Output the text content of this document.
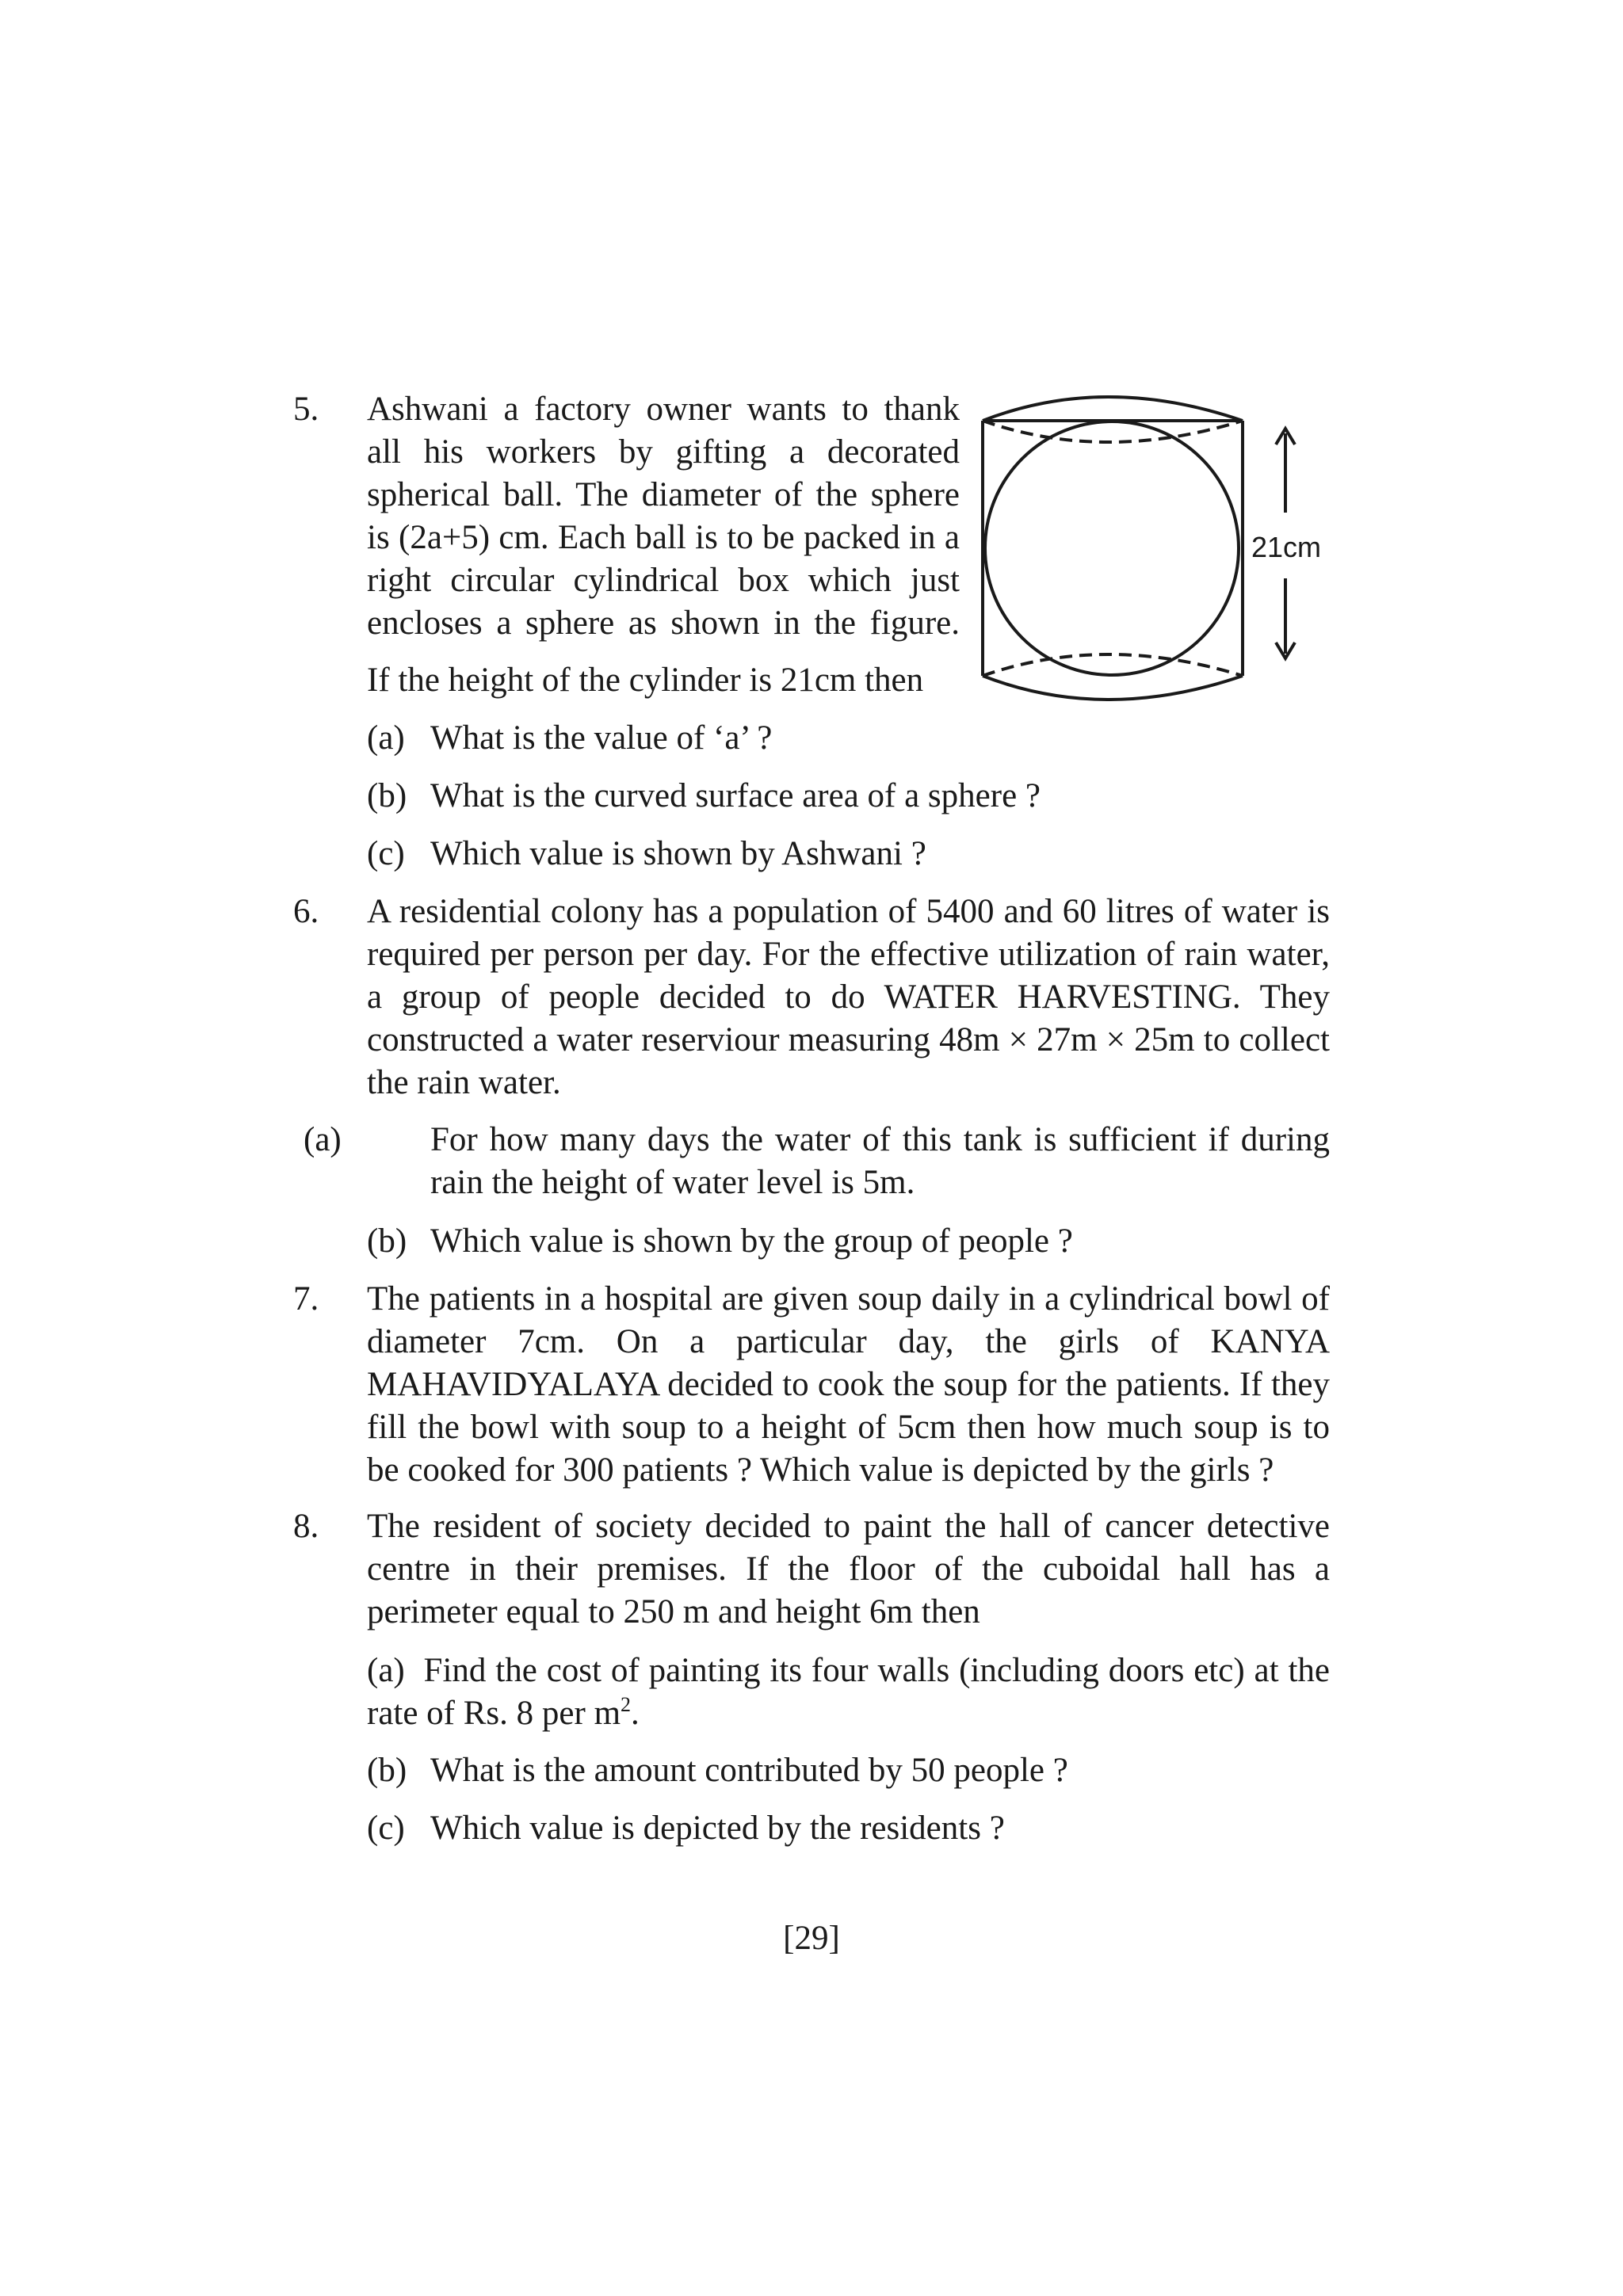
5. Ashwani a factory owner wants to thank
all his workers by gifting a decorated
spherical ball. The diameter of the sphere
is (2a+5) cm. Each ball is to be packed in a
right circular cylindrical box which just
encloses a sphere as shown in the figure.
If the height of the cylinder is 21cm then
(a) What is the value of ‘a’ ?
(b) What is the curved surface area of a sphere ?
(c) Which value is shown by Ashwani ?
21cm
6. A residential colony has a population of 5400 and 60 litres of water is required per person per day. For the effective utilization of rain water, a group of people decided to do WATER HARVESTING. They constructed a water reserviour measuring 48m × 27m × 25m to collect the rain water.
(a)	For how many days the water of this tank is sufficient if during rain the height of water level is 5m.
(b) Which value is shown by the group of people ?
7. The patients in a hospital are given soup daily in a cylindrical bowl of diameter 7cm. On a particular day, the girls of KANYA MAHAVIDYALAYA decided to cook the soup for the patients. If they fill the bowl with soup to a height of 5cm then how much soup is to be cooked for 300 patients ? Which value is depicted by the girls ?
8. The resident of society decided to paint the hall of cancer detective centre in their premises. If the floor of the cuboidal hall has a perimeter equal to 250 m and height 6m then
(a) Find the cost of painting its four walls (including doors etc) at the rate of Rs. 8 per $m^2$.
(b) What is the amount contributed by 50 people ?
(c) Which value is depicted by the residents ?
[29]
